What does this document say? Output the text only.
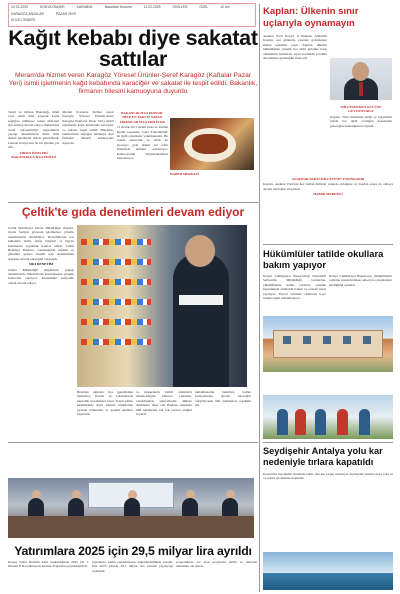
22.01.2025	KONYA ÖNDER	KARABÜK	Basınİlan Kurumu	11.02.2025	SİVİLLER	ÖZEL	12 cm
KARAGÖZ ANZALAR	PAZAR YERİ
KOLEJ ÖNDER
Kağıt kebabı diye sakatat sattılar
Meram'da hizmet veren Karagöz Yöresel Ürünler-Şeref Karagöz (Kaftalar Pazar Yeri) isimli işletmenin kağıt kebabında karaciğer ve sakatat ile tespit edildi. Bakanlık, firmanın hilesini kamuoyuna duyurdu
Tarım ve Orman Bakanlığı, hileli veya taklit ürün yaparak kamu sağlığını tehlikeye sokan firmaları ifşa etmeye devam ediyor. Bakanlığın 'Gıda Güvenilirliği' kapsamında yaptığı denetimlerde hileli ürün üreten işletmeler listesi güncellendi. Listede Konya'dan da bir işletme yer aldı.
FİRMA İSİMLERİ BAKANLIKÇA İFŞA EDİLDİ
Meram ilçesinde hizmet veren Karagöz Yöresel Ürünler-Şeref Karagöz (Kaftalar Pazar Yeri) isimli işletmenin kağıt kebabında karaciğer ve sakatat tespit edildi. Bakanlık, tüketicilerin sağlığını tehlikeye atan firmanın hilesini kamuoyuna duyurdu.
BAKANLIK İFŞA EDİYOR: HİLE VE TAKLİT YAPAN FİRMALAR İFŞA EDİLİYOR
13 Aralık 2011 tarihli Gıda ve Yemek Resmi Gazetede 'Gıda Yönetmeliği' ile ilgili çalışmalar yapılmaktadır. Bu listede sahtecilik ve taklit ile piyasaya gıda ürünü arz eden firmaların isimleri açıklanıyor. Kamuoyunun bilgilendirilmesi amaçlanıyor.
HABER MERKEZİ
Çeltik'te gıda denetimleri devam ediyor
Çeltik Belediyesi Zabıta Müdürlüğü ekipleri, ilçede faaliyet gösteren işletmelere yönelik denetimlerini sürdürüyor. Denetimlerde son kullanma tarihi, etiket bilgileri ve hijyen kurallarına uygunluk kontrol edildi. Çeltik Belediye Başkanı, vatandaşların sağlıklı ve güvenilir gıdaya erişimi için denetimlerin aralıksız devam edeceğini vurguladı.
SIKI DENETİM
Zabıta Müdürlüğü ekiplerinin yaptığı denetimlerde tüketicilerin korunmasına yönelik kontroller yapılıyor. Denetimler periyodik olarak devam ediyor.
Belediye ekipleri, ilçe genelindeki marketler, fırınlar ve lokantalarda kapsamlı incelemeler yaptı. Tespit edilen eksikliklerle ilgili işletme sahiplerine uyarıda bulunuldu ve gerekli işlemler başlatıldı.
ve marketlerin belirli aralıklarla denetlendiğini belirten yetkililer, vatandaşların şikayetlerini dikkate aldıklarını ifade etti. Başkan, ekiplerin tüm işletmeleri tek tek ziyaret ettiğini söyledi.
tamamlanarak belirtilen tarihte faaliyetlerine devam edeceğini vurgulayarak tüm işletmelere teşekkür etti.
Yatırımlara 2025 için 29,5 milyar lira ayrıldı
Konya Valisi İbrahim Akın başkanlığında 2025 yılı 1. Dönem İl Koordinasyon Kurulu Toplantısı gerçekleştirildi.
toplantıda, kamu yatırımlarının değerlendirilmesi yapıldı. İlde 2025 yılında 29,5 milyar lira yatırım yapılacağı açıklandı.
programında yer alan projelerin takibi ve ilerleme durumları ele alındı.
Kaplan: Ülkenin sınır uçlarıyla oynamayın
Anahtar Parti Konya İl Başkanı Abdullah Kaplan, son günlerde yaşanan gelişmelere ilişkin açıklama yaptı. Kaplan, ülkenin bütünlüğüne yönelik her türlü girişime karşı olduklarını belirterek, siyasi partilerin sorumlu davranması gerektiğini ifade etti.
MİLLETİMİZİN GÜCÜNE GÜVENİYORUZ
Kaplan, Türk milletinin birlik ve beraberlik içinde her türlü zorluğun üstesinden geleceğine inandıklarını söyledi.
ANAHTAR PARTİ MİLLETİNİN YANINDADIR
Kaplan, Anahtar Parti'nin her zaman milletin yanında olduğunu ve bundan sonra da olmaya devam edeceğini vurguladı.
HABER MERKEZİ
Hükümlüler tatilde okullara bakım yapıyor
Konya Cumhuriyet Başsavcılığı Denetimli Serbestlik Müdürlüğü tarafından, yükümlülerin kamu yararına çalışma kapsamında okullarda bakım ve onarım işleri yapılıyor. Yarıyıl tatilinde okulların boya badana işleri tamamlanıyor.
Konya Cumhuriyet Başsavcısı, yükümlülerin topluma kazandırılması amacıyla çalışmaların sürdüğünü açıkladı.
Seydişehir Antalya yolu kar nedeniyle tırlara kapatıldı
Konya'nın Seydişehir ilçesinde etkili olan kar yağışı nedeniyle Seydişehir-Antalya kara yolu tır ve çekici geçişlerine kapatıldı.
